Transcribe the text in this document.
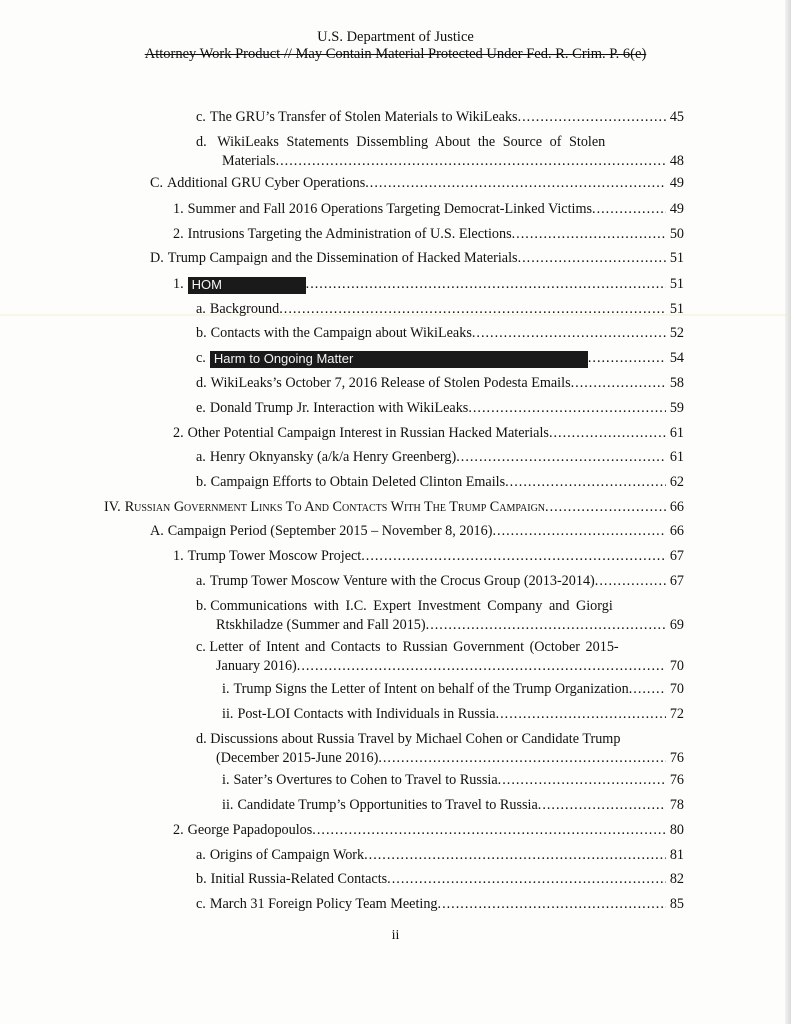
U.S. Department of Justice
Attorney Work Product // May Contain Material Protected Under Fed. R. Crim. P. 6(e)
c. The GRU’s Transfer of Stolen Materials to WikiLeaks .....	45
d. WikiLeaks Statements Dissembling About the Source of Stolen
Materials .....	48
C. Additional GRU Cyber Operations .....	49
1. Summer and Fall 2016 Operations Targeting Democrat-Linked Victims .....	49
2. Intrusions Targeting the Administration of U.S. Elections .....	50
D. Trump Campaign and the Dissemination of Hacked Materials .....	51
1. HOM .....	51
a. Background .....	51
b. Contacts with the Campaign about WikiLeaks .....	52
c. Harm to Ongoing Matter .....	54
d. WikiLeaks’s October 7, 2016 Release of Stolen Podesta Emails .....	58
e. Donald Trump Jr. Interaction with WikiLeaks .....	59
2. Other Potential Campaign Interest in Russian Hacked Materials .....	61
a. Henry Oknyansky (a/k/a Henry Greenberg) .....	61
b. Campaign Efforts to Obtain Deleted Clinton Emails .....	62
IV. Russian Government Links To And Contacts With The Trump Campaign .....	66
A. Campaign Period (September 2015 – November 8, 2016) .....	66
1. Trump Tower Moscow Project .....	67
a. Trump Tower Moscow Venture with the Crocus Group (2013-2014) .....	67
b. Communications with I.C. Expert Investment Company and Giorgi
Rtskhiladze (Summer and Fall 2015) .....	69
c. Letter of Intent and Contacts to Russian Government (October 2015-
January 2016) .....	70
i. Trump Signs the Letter of Intent on behalf of the Trump Organization .....	70
ii. Post-LOI Contacts with Individuals in Russia .....	72
d. Discussions about Russia Travel by Michael Cohen or Candidate Trump
(December 2015-June 2016) .....	76
i. Sater’s Overtures to Cohen to Travel to Russia .....	76
ii. Candidate Trump’s Opportunities to Travel to Russia .....	78
2. George Papadopoulos .....	80
a. Origins of Campaign Work .....	81
b. Initial Russia-Related Contacts .....	82
c. March 31 Foreign Policy Team Meeting .....	85
ii
